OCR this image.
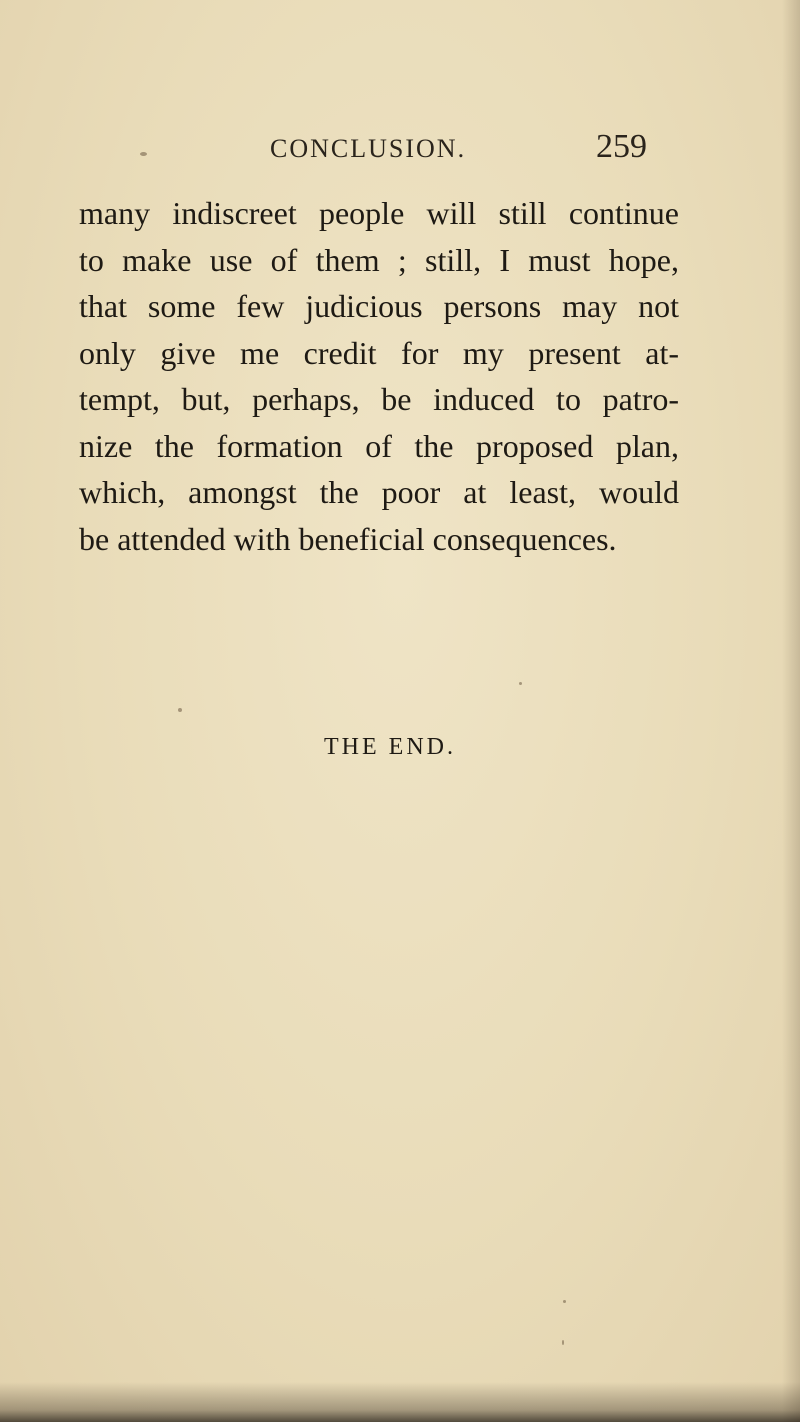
CONCLUSION.	259
many indiscreet people will still continue
to make use of them ; still, I must hope,
that some few judicious persons may not
only give me credit for my present at-
tempt, but, perhaps, be induced to patro-
nize the formation of the proposed plan,
which, amongst the poor at least, would
be attended with beneficial consequences.
THE END.
